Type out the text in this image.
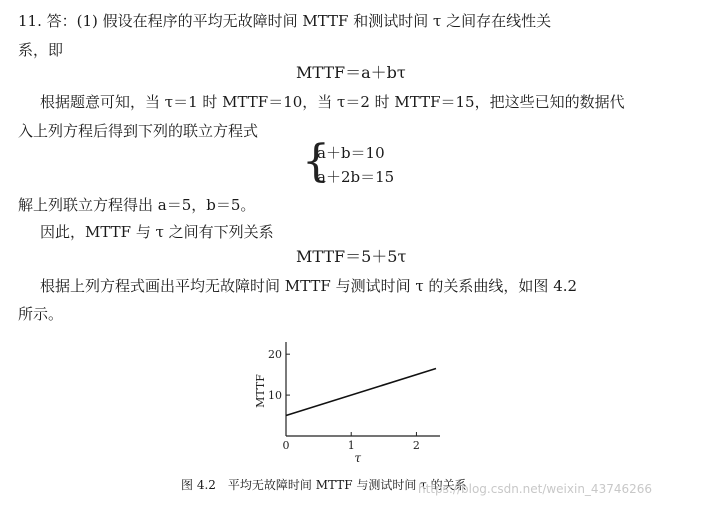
11. 答：(1) 假设在程序的平均无故障时间 MTTF 和测试时间 τ 之间存在线性关
系，即
MTTF＝a＋bτ
根据题意可知，当 τ＝1 时 MTTF＝10，当 τ＝2 时 MTTF＝15，把这些已知的数据代
入上列方程后得到下列的联立方程式
{
a＋b＝10
a＋2b＝15
解上列联立方程得出 a＝5，b＝5。
因此，MTTF 与 τ 之间有下列关系
MTTF＝5＋5τ
根据上列方程式画出平均无故障时间 MTTF 与测试时间 τ 的关系曲线，如图 4.2
所示。
0	1	2
10
20
τ
MTTF
图 4.2　平均无故障时间 MTTF 与测试时间 τ 的关系
https://blog.csdn.net/weixin_43746266
